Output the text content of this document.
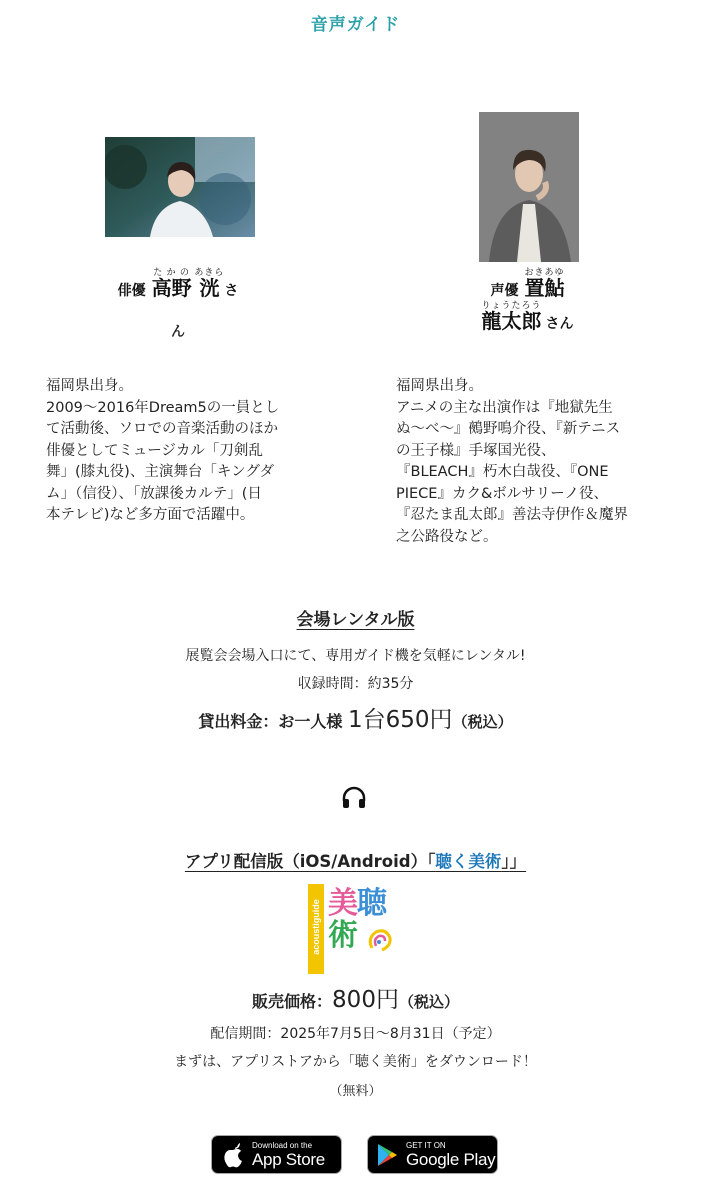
音声ガイド
俳優 高野たかの 洸あきらさ
ん
声優 置鮎おきあゆ
龍太郎りょうたろうさん
福岡県出身。
2009〜2016年Dream5の一員とし
て活動後、ソロでの音楽活動のほか
俳優としてミュージカル「刀剣乱
舞」(膝丸役)、主演舞台「キングダ
ム」（信役）、「放課後カルテ」(日
本テレビ)など多方面で活躍中。
福岡県出身。
アニメの主な出演作は『地獄先生
ぬ〜べ〜』鵺野鳴介役、『新テニス
の王子様』手塚国光役、
『BLEACH』朽木白哉役、『ONE
PIECE』カク&ボルサリーノ役、
『忍たま乱太郎』善法寺伊作＆魔界
之公路役など。
会場レンタル版
展覧会会場入口にて、専用ガイド機を気軽にレンタル!
収録時間：約35分
貸出料金：お一人様 1台650円（税込）
アプリ配信版（iOS/Android）「聴く美術」」
acoustiguide 美聴
術
販売価格：800円（税込）
配信期間：2025年7月5日〜8月31日（予定）
まずは、アプリストアから「聴く美術」をダウンロード！
（無料）
Download on the
App Store
GET IT ON
Google Play
